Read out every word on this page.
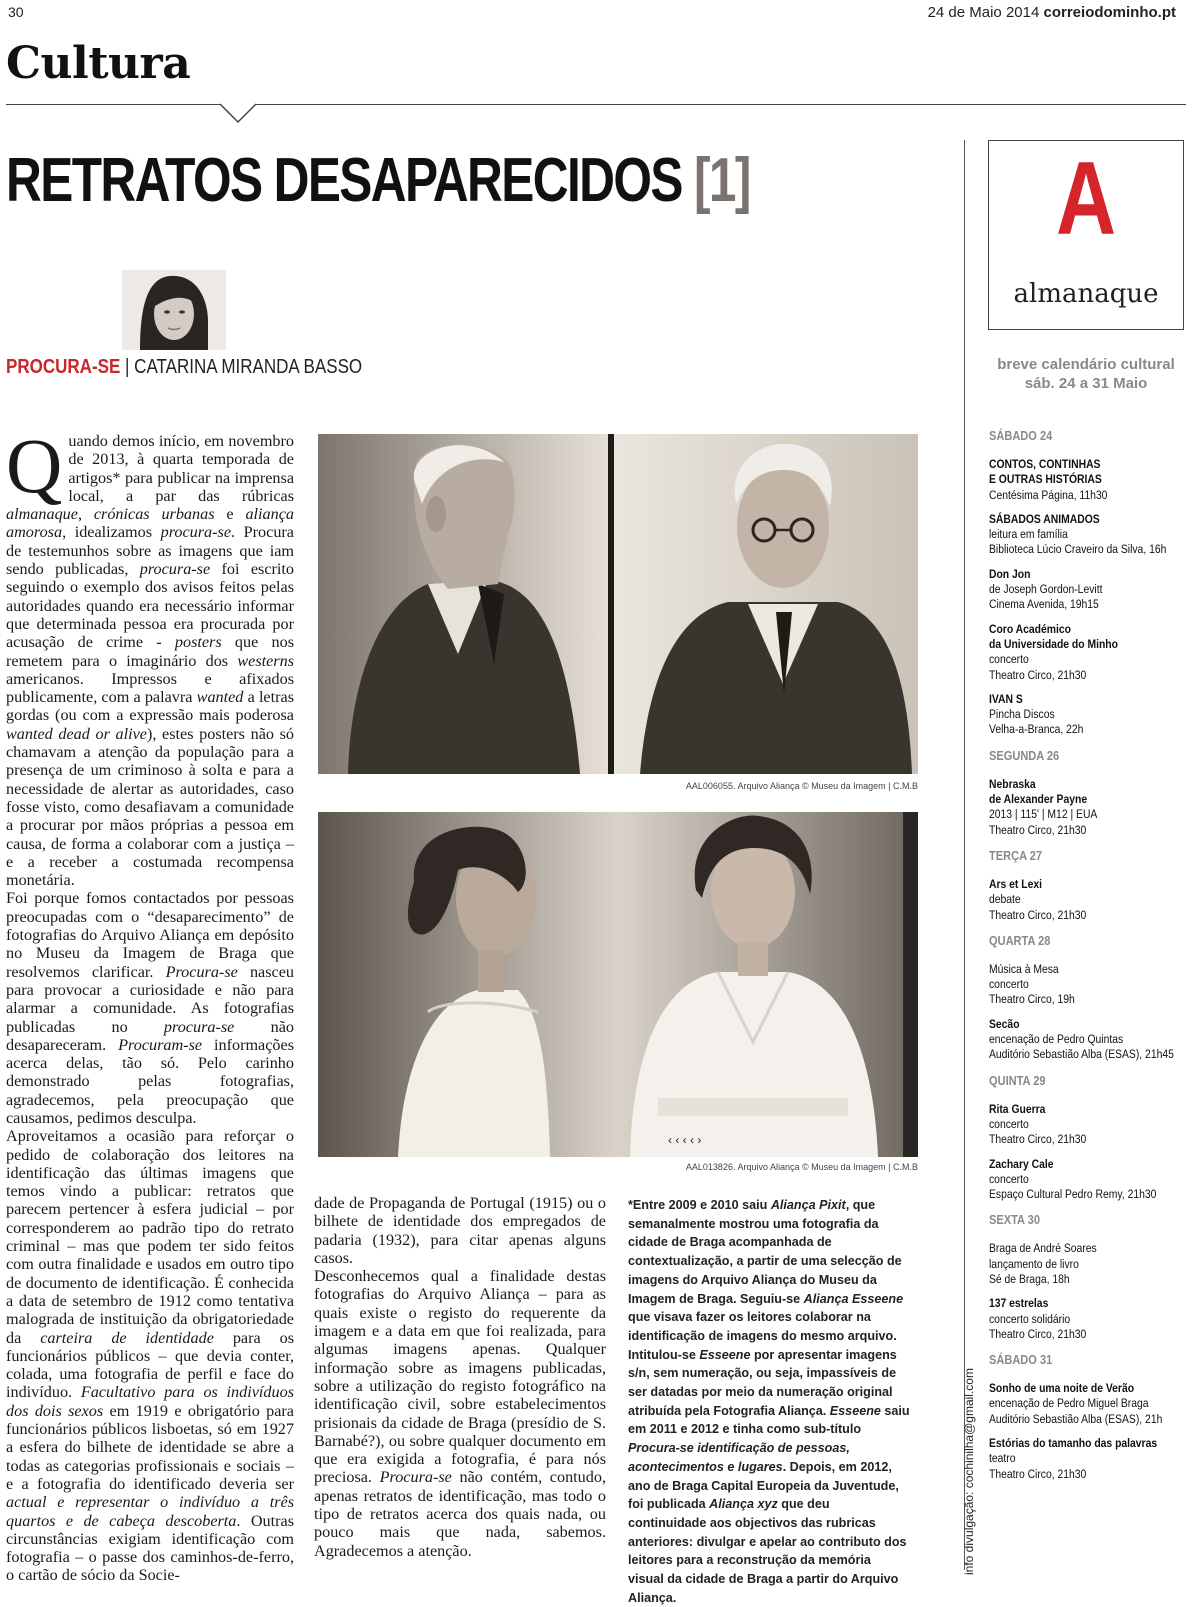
30	24 de Maio 2014 correiodominho.pt
Cultura
RETRATOS DESAPARECIDOS [1]
PROCURA-SE | CATARINA MIRANDA BASSO
Q uando demos início, em novembro de 2013, à quarta temporada de artigos* para publicar na imprensa local, a par das rúbricas almanaque, crónicas urbanas e aliança amorosa, idealizamos procura-se. Procura de testemunhos sobre as imagens que iam sendo publicadas, procura-se foi escrito seguindo o exemplo dos avisos feitos pelas autoridades quando era necessário informar que determinada pessoa era procurada por acusação de crime - posters que nos remetem para o imaginário dos westerns americanos. Impressos e afixados publicamente, com a palavra wanted a letras gordas (ou com a expressão mais poderosa wanted dead or alive), estes posters não só chamavam a atenção da população para a presença de um criminoso à solta e para a necessidade de alertar as autoridades, caso fosse visto, como desafiavam a comunidade a procurar por mãos próprias a pessoa em causa, de forma a colaborar com a justiça – e a receber a costumada recompensa monetária.
Foi porque fomos contactados por pessoas preocupadas com o “desaparecimento” de fotografias do Arquivo Aliança em depósito no Museu da Imagem de Braga que resolvemos clarificar. Procura-se nasceu para provocar a curiosidade e não para alarmar a comunidade. As fotografias publicadas no procura-se não desapareceram. Procuram-se informações acerca delas, tão só. Pelo carinho demonstrado pelas fotografias, agradecemos, pela preocupação que causamos, pedimos desculpa.
Aproveitamos a ocasião para reforçar o pedido de colaboração dos leitores na identificação das últimas imagens que temos vindo a publicar: retratos que parecem pertencer à esfera judicial – por corresponderem ao padrão tipo do retrato criminal – mas que podem ter sido feitos com outra finalidade e usados em outro tipo de documento de identificação. É conhecida a data de setembro de 1912 como tentativa malograda de instituição da obrigatoriedade da carteira de identidade para os funcionários públicos – que devia conter, colada, uma fotografia de perfil e face do indivíduo. Facultativo para os indivíduos dos dois sexos em 1919 e obrigatório para funcionários públicos lisboetas, só em 1927 a esfera do bilhete de identidade se abre a todas as categorias profissionais e sociais – e a fotografia do identificado deveria ser actual e representar o indivíduo a três quartos e de cabeça descoberta. Outras circunstâncias exigiam identificação com fotografia – o passe dos caminhos-de-ferro, o cartão de sócio da Socie-

AAL006055. Arquivo Aliança © Museu da Imagem | C.M.B
‹ ‹ ‹ ‹ ›
AAL013826. Arquivo Aliança © Museu da Imagem | C.M.B

dade de Propaganda de Portugal (1915) ou o bilhete de identidade dos empregados de padaria (1932), para citar apenas alguns casos.
Desconhecemos qual a finalidade destas fotografias do Arquivo Aliança – para as quais existe o registo do requerente da imagem e a data em que foi realizada, para algumas imagens apenas. Qualquer informação sobre as imagens publicadas, sobre a utilização do registo fotográfico na identificação civil, sobre estabelecimentos prisionais da cidade de Braga (presídio de S. Barnabé?), ou sobre qualquer documento em que era exigida a fotografia, é para nós preciosa. Procura-se não contém, contudo, apenas retratos de identificação, mas todo o tipo de retratos acerca dos quais nada, ou pouco mais que nada, sabemos. Agradecemos a atenção.

*Entre 2009 e 2010 saiu Aliança Pixit, que semanalmente mostrou uma fotografia da cidade de Braga acompanhada de contextualização, a partir de uma selecção de imagens do Arquivo Aliança do Museu da Imagem de Braga. Seguiu-se Aliança Esseene que visava fazer os leitores colaborar na identificação de imagens do mesmo arquivo. Intitulou-se Esseene por apresentar imagens s/n, sem numeração, ou seja, impassíveis de ser datadas por meio da numeração original atribuída pela Fotografia Aliança. Esseene saiu em 2011 e 2012 e tinha como sub-título Procura-se identificação de pessoas, acontecimentos e lugares. Depois, em 2012, ano de Braga Capital Europeia da Juventude, foi publicada Aliança xyz que deu continuidade aos objectivos das rubricas anteriores: divulgar e apelar ao contributo dos leitores para a reconstrução da memória visual da cidade de Braga a partir do Arquivo Aliança.

A
almanaque
breve calendário cultural
sáb. 24 a 31 Maio
SÁBADO 24
CONTOS, CONTINHAS
E OUTRAS HISTÓRIAS
Centésima Página, 11h30
SÁBADOS ANIMADOS
leitura em família
Biblioteca Lúcio Craveiro da Silva, 16h
Don Jon
de Joseph Gordon-Levitt
Cinema Avenida, 19h15
Coro Académico
da Universidade do Minho
concerto
Theatro Circo, 21h30
IVAN S
Pincha Discos
Velha-a-Branca, 22h
SEGUNDA 26
Nebraska
de Alexander Payne
2013 | 115' | M12 | EUA
Theatro Circo, 21h30
TERÇA 27
Ars et Lexi
debate
Theatro Circo, 21h30
QUARTA 28
Música à Mesa
concerto
Theatro Circo, 19h
Secão
encenação de Pedro Quintas
Auditório Sebastião Alba (ESAS), 21h45
QUINTA 29
Rita Guerra
concerto
Theatro Circo, 21h30
Zachary Cale
concerto
Espaço Cultural Pedro Remy, 21h30
SEXTA 30
Braga de André Soares
lançamento de livro
Sé de Braga, 18h
137 estrelas
concerto solidário
Theatro Circo, 21h30
SÁBADO 31
Sonho de uma noite de Verão
encenação de Pedro Miguel Braga
Auditório Sebastião Alba (ESAS), 21h
Estórias do tamanho das palavras
teatro
Theatro Circo, 21h30
info divulgação: cochinilha@gmail.com
